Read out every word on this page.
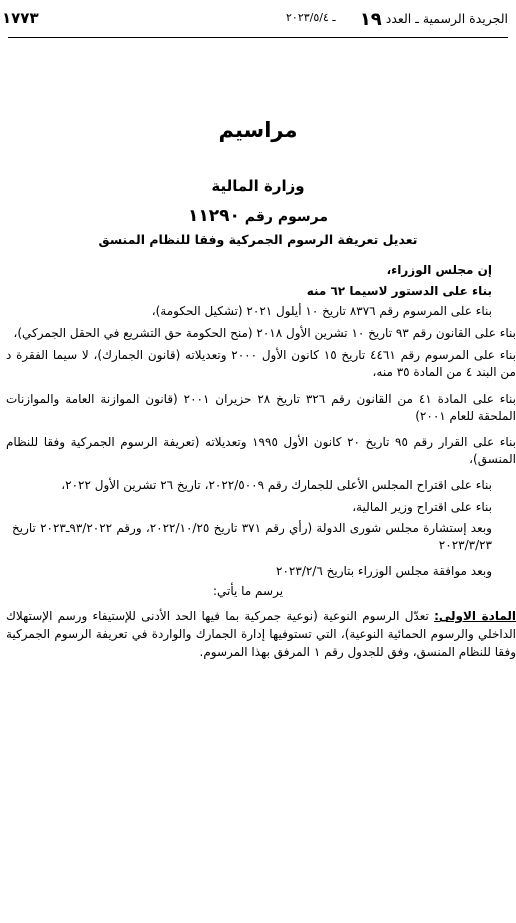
١٧٧٣	ـ ٢٠٢٣/٥/٤	الجريدة الرسمية ـ العدد ١٩
مراسيم
وزارة المالية
مرسوم رقم ١١٢٩٠
تعديل تعريفة الرسوم الجمركية وفقا للنظام المنسق
إن مجلس الوزراء،
بناء على الدستور لاسيما ٦٢ منه
بناء على المرسوم رقم ٨٣٧٦ تاريخ ١٠ أيلول ٢٠٢١ (تشكيل الحكومة)،
بناء على القانون رقم ٩٣ تاريخ ١٠ تشرين الأول ٢٠١٨ (منح الحكومة حق التشريع في الحقل الجمركي)،
بناء على المرسوم رقم ٤٤٦١ تاريخ ١٥ كانون الأول ٢٠٠٠ وتعديلاته (قانون الجمارك)، لا سيما الفقرة د من البند ٤ من المادة ٣٥ منه،
بناء على المادة ٤١ من القانون رقم ٣٢٦ تاريخ ٢٨ حزيران ٢٠٠١ (قانون الموازنة العامة والموازنات الملحقة للعام ٢٠٠١)
بناء على القرار رقم ٩٥ تاريخ ٢٠ كانون الأول ١٩٩٥ وتعديلاته (تعريفة الرسوم الجمركية وفقا للنظام المنسق)،
بناء على اقتراح المجلس الأعلى للجمارك رقم ٢٠٢٢/٥٠٠٩، تاريخ ٢٦ تشرين الأول ٢٠٢٢،
بناء على اقتراح وزير المالية،
وبعد إستشارة مجلس شورى الدولة (رأي رقم ٣٧١ تاريخ ٢٠٢٢/١٠/٢٥، ورقم ٩٣/٢٠٢٢ـ٢٠٢٣ تاريخ ٢٠٢٣/٣/٢٣
وبعد موافقة مجلس الوزراء بتاريخ ٢٠٢٣/٢/٦
يرسم ما يأتي:
المادة الاولى: تعدّل الرسوم النوعية (نوعية جمركية بما فيها الحد الأدنى للإستيفاء ورسم الإستهلاك الداخلي والرسوم الحمائية النوعية)، التي تستوفيها إدارة الجمارك والواردة في تعريفة الرسوم الجمركية وفقا للنظام المنسق، وفق للجدول رقم ١ المرفق بهذا المرسوم.
